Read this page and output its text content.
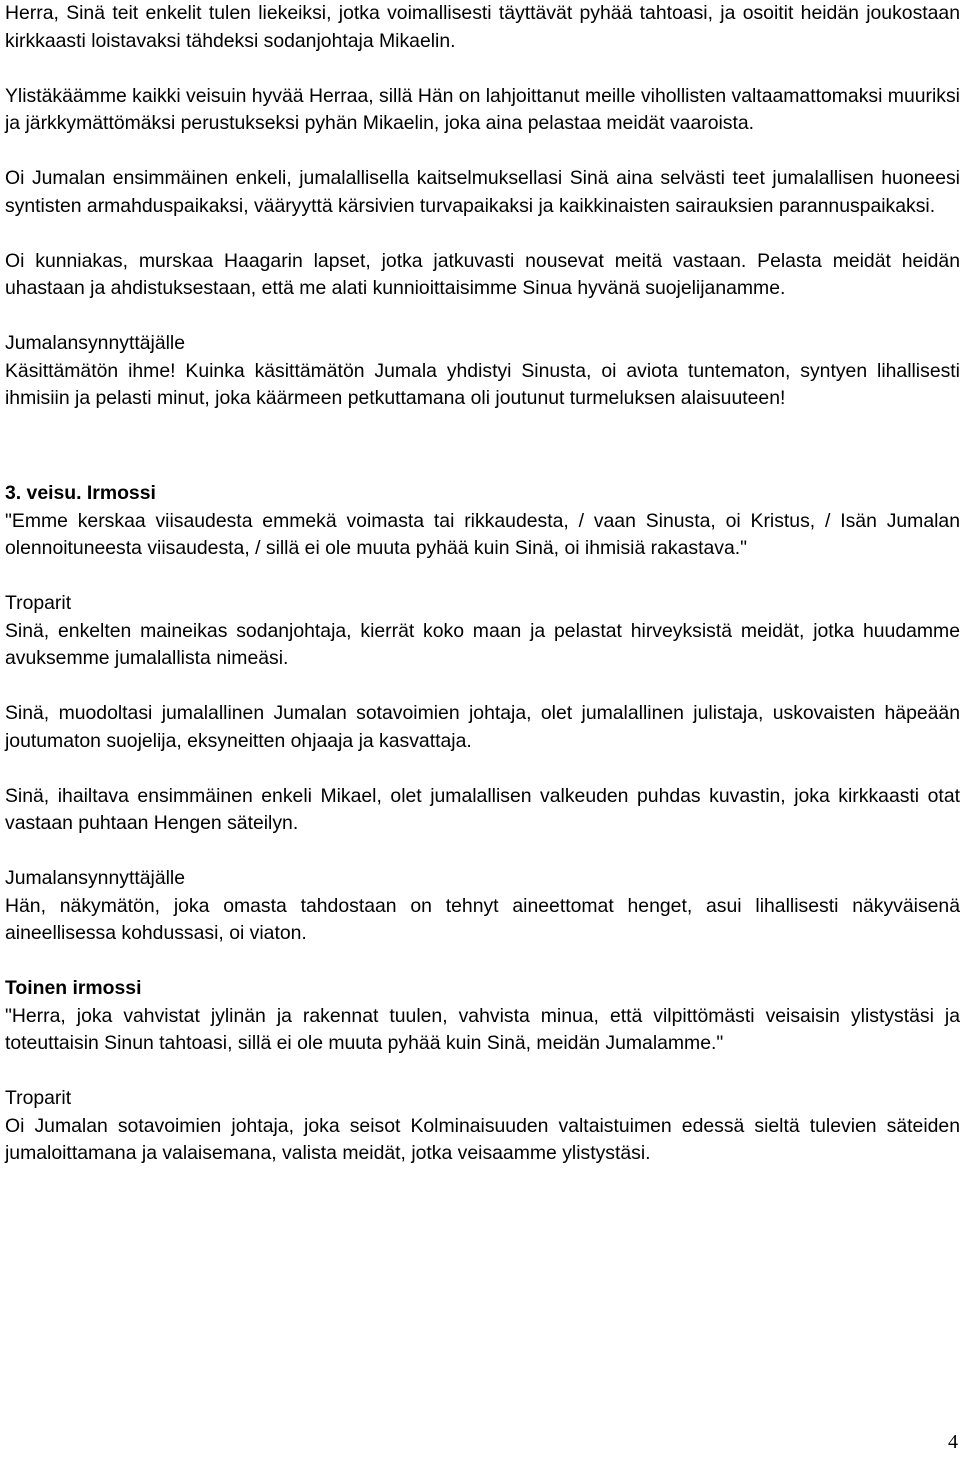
Herra, Sinä teit enkelit tulen liekeiksi, jotka voimallisesti täyttävät pyhää tahtoasi, ja osoitit heidän joukostaan kirkkaasti loistavaksi tähdeksi sodanjohtaja Mikaelin.

Ylistäkäämme kaikki veisuin hyvää Herraa, sillä Hän on lahjoittanut meille vihollisten valtaamattomaksi muuriksi ja järkkymättömäksi perustukseksi pyhän Mikaelin, joka aina pelastaa meidät vaaroista.

Oi Jumalan ensimmäinen enkeli, jumalallisella kaitselmuksellasi Sinä aina selvästi teet jumalallisen huoneesi syntisten armahduspaikaksi, vääryyttä kärsivien turvapaikaksi ja kaikkinaisten sairauksien parannuspaikaksi.

Oi kunniakas, murskaa Haagarin lapset, jotka jatkuvasti nousevat meitä vastaan. Pelasta meidät heidän uhastaan ja ahdistuksestaan, että me alati kunnioittaisimme Sinua hyvänä suojelijanamme.

Jumalansynnyttäjälle

Käsittämätön ihme! Kuinka käsittämätön Jumala yhdistyi Sinusta, oi aviota tuntematon, syntyen lihallisesti ihmisiin ja pelasti minut, joka käärmeen petkuttamana oli joutunut turmeluksen alaisuuteen!

3. veisu. Irmossi

"Emme kerskaa viisaudesta emmekä voimasta tai rikkaudesta, / vaan Sinusta, oi Kristus, / Isän Jumalan olennoituneesta viisaudesta, / sillä ei ole muuta pyhää kuin Sinä, oi ihmisiä rakastava."

Troparit

Sinä, enkelten maineikas sodanjohtaja, kierrät koko maan ja pelastat hirveyksistä meidät, jotka huudamme avuksemme jumalallista nimeäsi.

Sinä, muodoltasi jumalallinen Jumalan sotavoimien johtaja, olet jumalallinen julistaja, uskovaisten häpeään joutumaton suojelija, eksyneitten ohjaaja ja kasvattaja.

Sinä, ihailtava ensimmäinen enkeli Mikael, olet jumalallisen valkeuden puhdas kuvastin, joka kirkkaasti otat vastaan puhtaan Hengen säteilyn.

Jumalansynnyttäjälle

Hän, näkymätön, joka omasta tahdostaan on tehnyt aineettomat henget, asui lihallisesti näkyväisenä aineellisessa kohdussasi, oi viaton.

Toinen irmossi

"Herra, joka vahvistat jylinän ja rakennat tuulen, vahvista minua, että vilpittömästi veisaisin ylistystäsi ja toteuttaisin Sinun tahtoasi, sillä ei ole muuta pyhää kuin Sinä, meidän Jumalamme."

Troparit

Oi Jumalan sotavoimien johtaja, joka seisot Kolminaisuuden valtaistuimen edessä sieltä tulevien säteiden jumaloittamana ja valaisemana, valista meidät, jotka veisaamme ylistystäsi.

4
